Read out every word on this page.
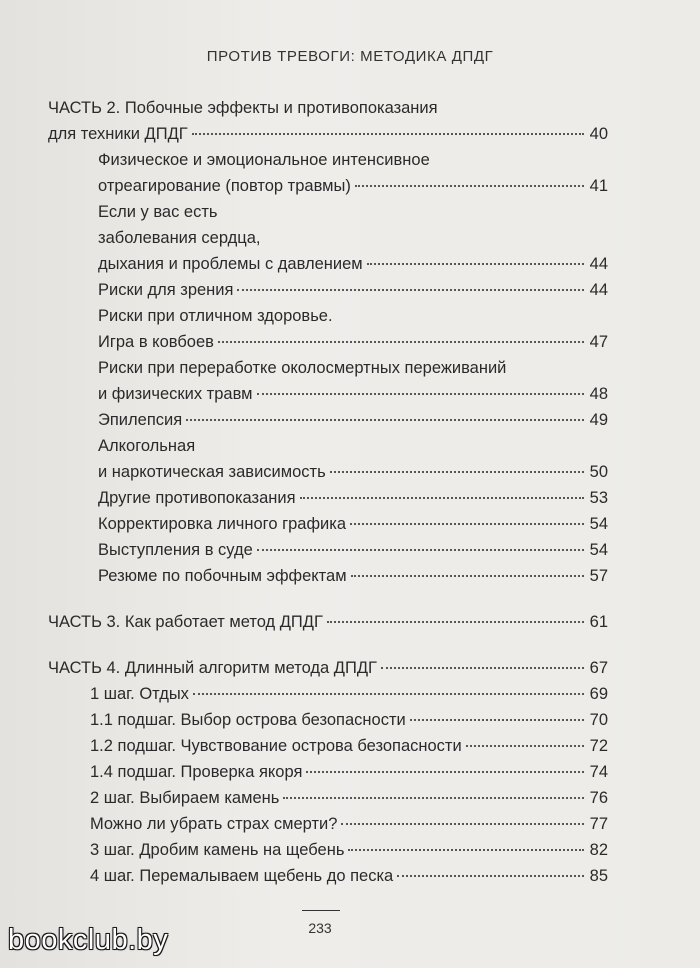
ПРОТИВ ТРЕВОГИ: МЕТОДИКА ДПДГ
ЧАСТЬ 2. Побочные эффекты и противопоказания
для техники ДПДГ	40
Физическое и эмоциональное интенсивное
отреагирование (повтор травмы)	41
Если у вас есть
заболевания сердца,
дыхания и проблемы с давлением	44
Риски для зрения	44
Риски при отличном здоровье.
Игра в ковбоев	47
Риски при переработке околосмертных переживаний
и физических травм	48
Эпилепсия	49
Алкогольная
и наркотическая зависимость	50
Другие противопоказания	53
Корректировка личного графика	54
Выступления в суде	54
Резюме по побочным эффектам	57
ЧАСТЬ 3. Как работает метод ДПДГ	61
ЧАСТЬ 4. Длинный алгоритм метода ДПДГ	67
1 шаг. Отдых	69
1.1 подшаг. Выбор острова безопасности	70
1.2 подшаг. Чувствование острова безопасности	72
1.4 подшаг. Проверка якоря	74
2 шаг. Выбираем камень	76
Можно ли убрать страх смерти?	77
3 шаг. Дробим камень на щебень	82
4 шаг. Перемалываем щебень до песка	85
233
bookclub.by
